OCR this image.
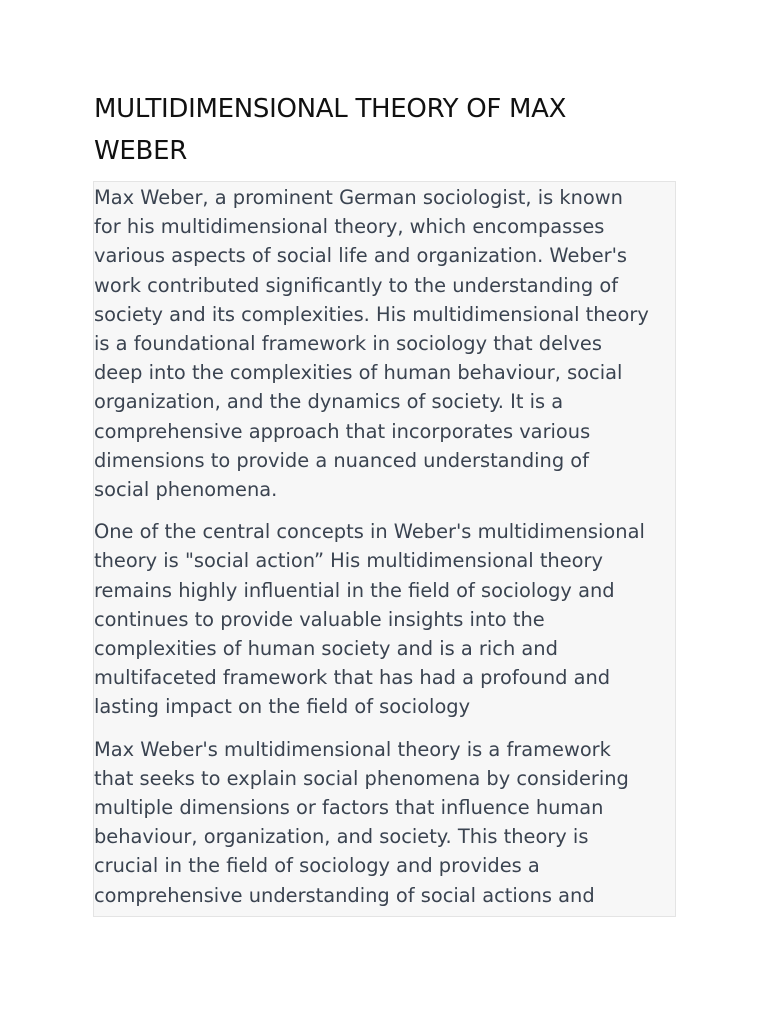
MULTIDIMENSIONAL THEORY OF MAX
WEBER

Max Weber, a prominent German sociologist, is known
for his multidimensional theory, which encompasses
various aspects of social life and organization. Weber's
work contributed significantly to the understanding of
society and its complexities. His multidimensional theory
is a foundational framework in sociology that delves
deep into the complexities of human behaviour, social
organization, and the dynamics of society. It is a
comprehensive approach that incorporates various
dimensions to provide a nuanced understanding of
social phenomena.

One of the central concepts in Weber's multidimensional
theory is "social action” His multidimensional theory
remains highly influential in the field of sociology and
continues to provide valuable insights into the
complexities of human society and is a rich and
multifaceted framework that has had a profound and
lasting impact on the field of sociology

Max Weber's multidimensional theory is a framework
that seeks to explain social phenomena by considering
multiple dimensions or factors that influence human
behaviour, organization, and society. This theory is
crucial in the field of sociology and provides a
comprehensive understanding of social actions and
